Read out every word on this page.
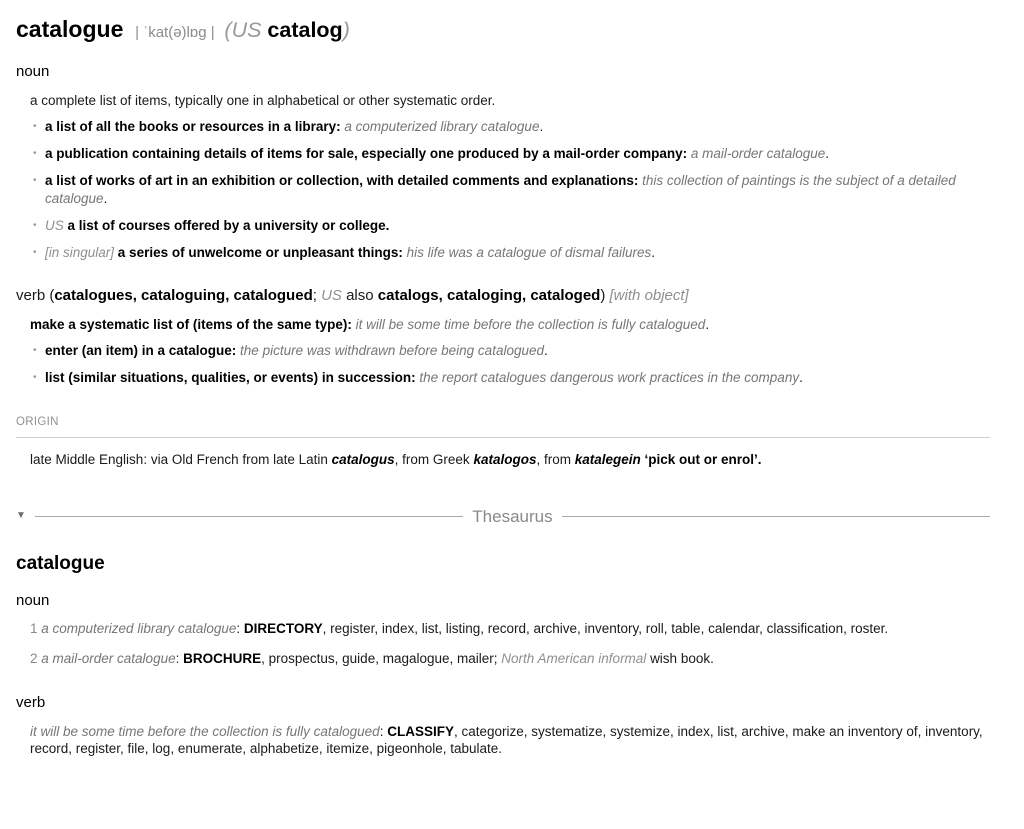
catalogue | ˈkat(ə)lɒg | (US catalog)
noun
a complete list of items, typically one in alphabetical or other systematic order.
• a list of all the books or resources in a library: a computerized library catalogue.
• a publication containing details of items for sale, especially one produced by a mail-order company: a mail-order catalogue.
• a list of works of art in an exhibition or collection, with detailed comments and explanations: this collection of paintings is the subject of a detailed catalogue.
• US a list of courses offered by a university or college.
• [in singular] a series of unwelcome or unpleasant things: his life was a catalogue of dismal failures.
verb (catalogues, cataloguing, catalogued; US also catalogs, cataloging, cataloged) [with object]
make a systematic list of (items of the same type): it will be some time before the collection is fully catalogued.
• enter (an item) in a catalogue: the picture was withdrawn before being catalogued.
• list (similar situations, qualities, or events) in succession: the report catalogues dangerous work practices in the company.
ORIGIN
late Middle English: via Old French from late Latin catalogus, from Greek katalogos, from katalegein ‘pick out or enrol’.
▼	Thesaurus
catalogue
noun
1 a computerized library catalogue: DIRECTORY, register, index, list, listing, record, archive, inventory, roll, table, calendar, classification, roster.
2 a mail-order catalogue: BROCHURE, prospectus, guide, magalogue, mailer; North American informal wish book.
verb
it will be some time before the collection is fully catalogued: CLASSIFY, categorize, systematize, systemize, index, list, archive, make an inventory of, inventory, record, register, file, log, enumerate, alphabetize, itemize, pigeonhole, tabulate.
